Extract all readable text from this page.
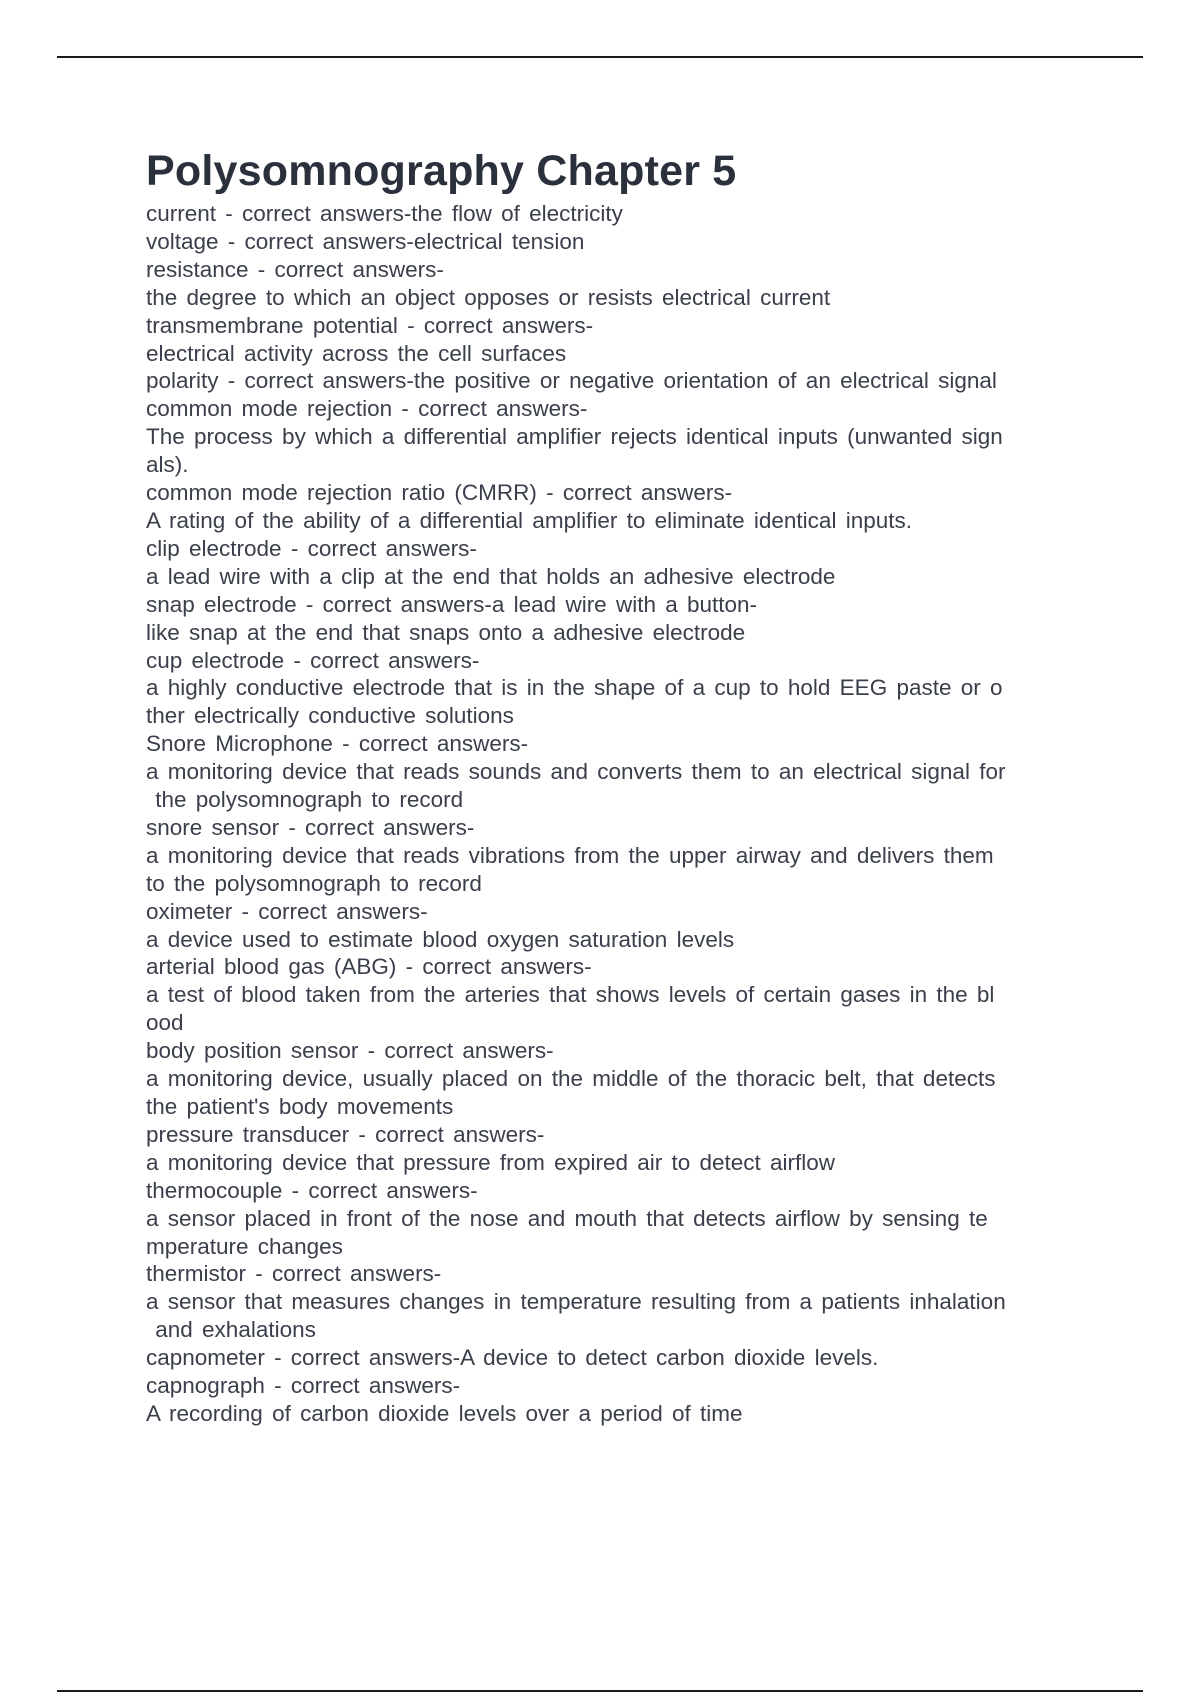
Polysomnography Chapter 5

current - correct answers-the flow of electricity

voltage - correct answers-electrical tension

resistance - correct answers-

the degree to which an object opposes or resists electrical current

transmembrane potential - correct answers-

electrical activity across the cell surfaces

polarity - correct answers-the positive or negative orientation of an electrical signal

common mode rejection - correct answers-

The process by which a differential amplifier rejects identical inputs (unwanted sign

als).

common mode rejection ratio (CMRR) - correct answers-

A rating of the ability of a differential amplifier to eliminate identical inputs.

clip electrode - correct answers-

a lead wire with a clip at the end that holds an adhesive electrode

snap electrode - correct answers-a lead wire with a button-

like snap at the end that snaps onto a adhesive electrode

cup electrode - correct answers-

a highly conductive electrode that is in the shape of a cup to hold EEG paste or o

ther electrically conductive solutions

Snore Microphone - correct answers-

a monitoring device that reads sounds and converts them to an electrical signal for

the polysomnograph to record

snore sensor - correct answers-

a monitoring device that reads vibrations from the upper airway and delivers them

to the polysomnograph to record

oximeter - correct answers-

a device used to estimate blood oxygen saturation levels

arterial blood gas (ABG) - correct answers-

a test of blood taken from the arteries that shows levels of certain gases in the bl

ood

body position sensor - correct answers-

a monitoring device, usually placed on the middle of the thoracic belt, that detects

the patient's body movements

pressure transducer - correct answers-

a monitoring device that pressure from expired air to detect airflow

thermocouple - correct answers-

a sensor placed in front of the nose and mouth that detects airflow by sensing te

mperature changes

thermistor - correct answers-

a sensor that measures changes in temperature resulting from a patients inhalation

and exhalations

capnometer - correct answers-A device to detect carbon dioxide levels.

capnograph - correct answers-

A recording of carbon dioxide levels over a period of time
